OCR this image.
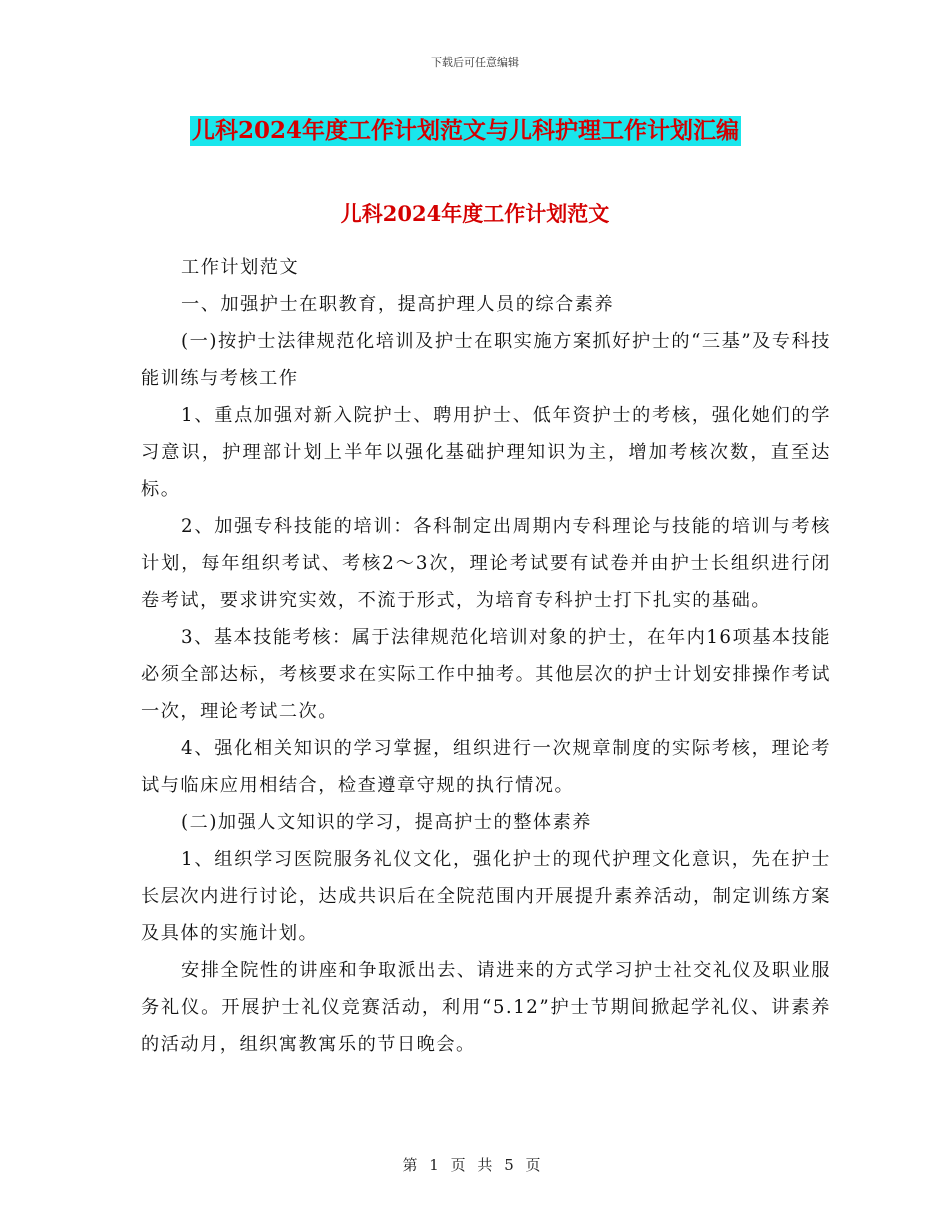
下载后可任意编辑
儿科2024年度工作计划范文与儿科护理工作计划汇编
儿科2024年度工作计划范文

工作计划范文

一、加强护士在职教育，提高护理人员的综合素养

(一)按护士法律规范化培训及护士在职实施方案抓好护士的“三基”及专科技能训练与考核工作

1、重点加强对新入院护士、聘用护士、低年资护士的考核，强化她们的学习意识，护理部计划上半年以强化基础护理知识为主，增加考核次数，直至达标。

2、加强专科技能的培训：各科制定出周期内专科理论与技能的培训与考核计划，每年组织考试、考核2～3次，理论考试要有试卷并由护士长组织进行闭卷考试，要求讲究实效，不流于形式，为培育专科护士打下扎实的基础。

3、基本技能考核：属于法律规范化培训对象的护士，在年内16项基本技能必须全部达标，考核要求在实际工作中抽考。其他层次的护士计划安排操作考试一次，理论考试二次。

4、强化相关知识的学习掌握，组织进行一次规章制度的实际考核，理论考试与临床应用相结合，检查遵章守规的执行情况。

(二)加强人文知识的学习，提高护士的整体素养

1、组织学习医院服务礼仪文化，强化护士的现代护理文化意识，先在护士长层次内进行讨论，达成共识后在全院范围内开展提升素养活动，制定训练方案及具体的实施计划。

安排全院性的讲座和争取派出去、请进来的方式学习护士社交礼仪及职业服务礼仪。开展护士礼仪竞赛活动，利用“5.12”护士节期间掀起学礼仪、讲素养的活动月，组织寓教寓乐的节日晚会。

第 1 页 共 5 页
